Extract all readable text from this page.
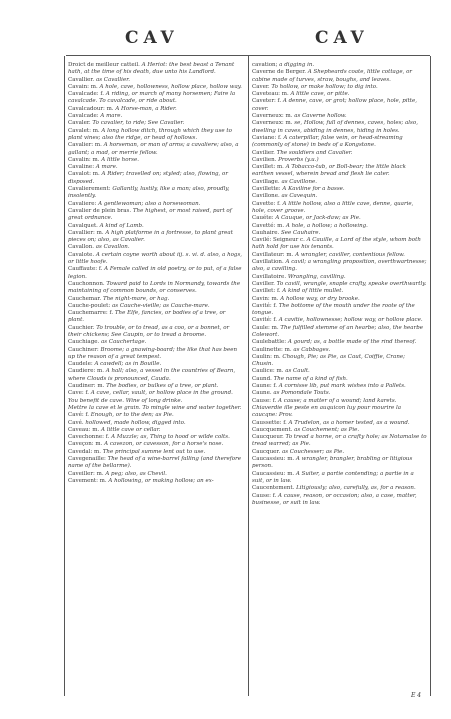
CAV	CAV

Droict de meilleur catteil. A Heriot: the best beast a Tenant hath, at the time of his death, due unto his Landlord.

Cavallier. as Cavallier.

Cavain: m. A hole, cave, hollowness, hollow place, hollow way.

Cavalcade: f. A riding, or march of many horsemen; Faire la cavalcade. To cavalcade, or ride about.

Cavalcadour: m. A Horse-man, a Rider.

Cavalcade: A mare.

Cavaler. To cavalier, to ride; See Cavalier.

Cavalet: m. A long hollow ditch, through which they use to plant vines; also the ridge, or head of hollows.

Cavalier: m. A horseman, or man of arms; a cavaliere; also, a gallant; a mad, or merrie fellow.

Cavalin: m. A little horse.

Cavaline: A mare.

Cavalot: m. A Rider; travelled on; styled; also, flowing, or disposed.

Cavalierement: Gallantly, lustily, like a man; also, proudly, insolently.

Cavaliere: A gentlewoman; also a horsewoman.

Cavalier de plein bras. The highest, or most raised, part of great ordnance.

Cavalquet. A kind of Lamb.

Cavallier: m. A high platforme in a fortresse, to plant great pieces on; also, as Cavalier.

Cavallon. as Cavallon.

Cavalote. A certain coyne worth about iij. s. vi. d. also, a hogs, or little hoofe.

Cauffaute: f. A Female called in old poetry, or to put, of a false legion.

Cauchonnon. Toward paid to Lords in Normandy, towards the maintaining of common bounds, or conserves.

Cauchemar. The night-mare, or hag.

Cauche-poulet: as Cauche-vieille; as Cauche-mare.

Cauchemarre: f. The Elfe, fancies, or bodies of a tree, or plant.

Cauchier. To trouble, or to tread, as a coo, or a bonnet, or their chickens; See Caupin, or to tread a broome.

Cauchiage. as Cauchertage.

Cauchiner: Broome; a gnawing-board; the like that has been up the reason of a great tempest.

Caudele: A cawdell; as in Bouille.

Caudiere: m. A hall; also, a vessel in the countries of Bearn, where Clouds is pronounced, Cauda.

Caudiner: m. The bodies, or bulkes of a tree, or plant.

Cave: f. A cave, cellar, vault, or hollow place in the ground.

You benefit de cave. Wine of long drinke.

Mettre la cave et le grain. To mingle wine and water together.

Cavé: f. Enough, or to the den; as Pie.

Cavé. hollowed, made hollow, digged into.

Caveau: m. A little cave or cellar.

Cavechonne: f. A Muzzle; as, Thing to hood or wilde colts.

Caveçon: m. A cavezon, or cavesson, for a horse's nose.

Cavedal: m. The principal summe lent out to use.

Cavegenaille: The head of a wine-barrel falling (and therefore name of the bellarme).

Caveiller: m. A peg; also, as Chevil.

Cavement: m. A hollowing, or making hollow; an ex-

cavation; a digging in.

Caverne de Berger. A Shepheards coate, little cottage, or cabine made of turves, straw, boughs, and leaves.

Caver. To hollow, or make hollow; to dig into.

Caveteau: m. A little cave, or pitte.

Caveter: f. A denne, cave, or grot; hollow place, hole, pitte, cover.

Caverneux: m. as Caverne hollow.

Caverneux: m. se, Hollow, full of dennes, caves, holes; also, dwelling in caves, abiding in dennes, hiding in holes.

Caviane: f. A caterpillar, false vein, or head-streaming (commonly of stone) in beds of a Kongstone.

Cavilier. The souldiers and Cavalier.

Cavilien. Proverbs (y.u.)

Cavillet: m. A Tobacco-tub, or Boll-bear; the little black earthen vessel, wherein bread and flesh lie cater.

Cavillage. as Cavillone.

Cavillette: A Kaviline for a basse.

Cavillone. as Cavequin.

Cavette: f. A little hollow, also a little cave, denne, quarie, hole, cover groove.

Cauéte: A Cauque, or Jack-daw; as Pie.

Cavetté: m. A hole, a hollow; a hollowing.

Cauhaire. See Cauhaire.

Cavilé: Seigneur c. A Cauille, a Lord of the style, whom both hath hold for use his tenants.

Cavillateur: m. A wrangler, caviller, contentious fellow.

Cavillation. A cavil; a wrangling proposition, overthwartnesse; also, a cavilling.

Cavillatoire. Wrangling, cavilling.

Caviller. To cavill, wrangle, snaple crafty, speake overthwartly.

Cavillet: f. A kind of little mullet.

Cavin: m. A hollow way, or dry brooke.

Cavité: f. The bottome of the mouth under the roote of the tongue.

Cavité: f. A cavitie, hollownesse; hollow way, or hollow place.

Caule: m. The fulfilled stemme of an hearbe; also, the hearbe Colewort.

Caulebattle: A gourd; as, a bottle made of the rind thereof.

Caulinette: m. as Cabbages.

Caulin: m. Chough, Pie; as Pie, as Caut, Coiffie, Crane; Chusin.

Caulice: m. as Cault.

Caund. The name of a kind of fish.

Caune: f. A cornisse lib, put mark wishes into a Pallets.

Caune. as Pomondale Touts.

Cause: f. A cause; a matter of a wound; land karets.

Chiaverdie ille peste en auquicon luy pour mourire la caucqne: Prov.

Caussette: f. A Trudelon, as a homer tested, as a wound.

Caucquement. as Couchement; as Pie.

Caucqueur. To tread a horne, or a crafty hole; as Notamalse to tread warred; as Pie.

Caucquer. as Couchesser; as Pie.

Caucassieu: m. A wrangler, brangler, brabling or litigious person.

Caucassieu: m. A Suiter, a partie contending; a partie in a suit, or in law.

Caucentement. Litigiously; also, carefully, as, for a reason.

Cause: f. A cause, reason, or occasion; also, a case, matter, businesse, or suit in law.

E 4
